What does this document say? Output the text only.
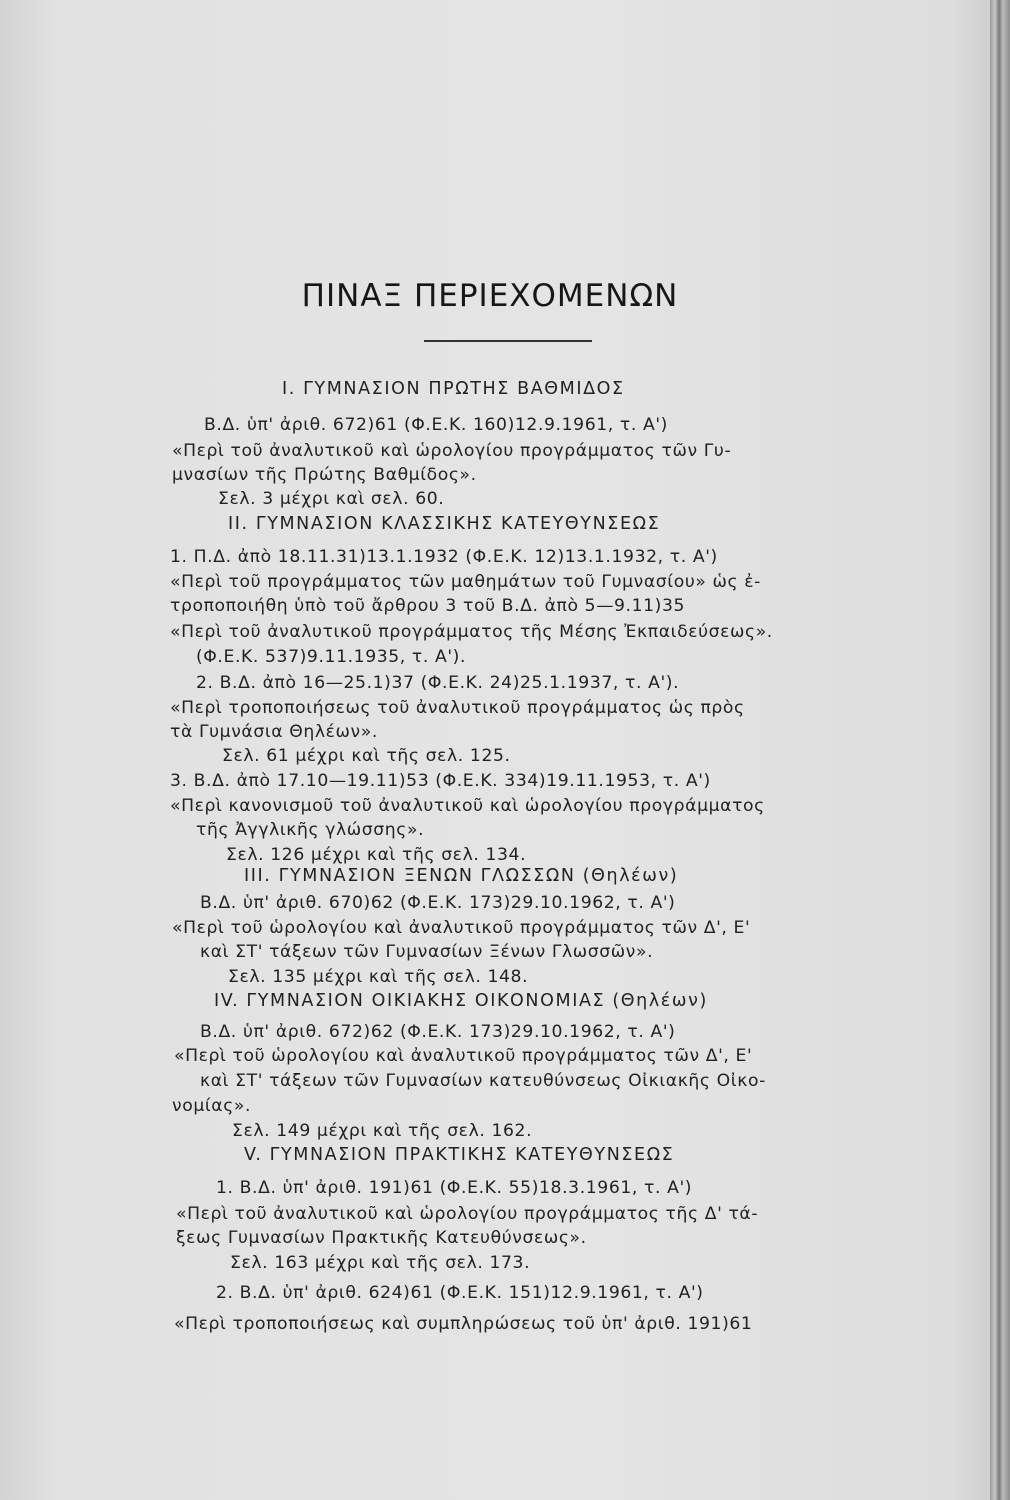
ΠΙΝΑΞ ΠΕΡΙΕΧΟΜΕΝΩΝ
I. ΓΥΜΝΑΣΙΟΝ ΠΡΩΤΗΣ ΒΑΘΜΙΔΟΣ
Β.Δ. ὑπ' ἀριθ. 672)61 (Φ.Ε.Κ. 160)12.9.1961, τ. Α')
«Περὶ τοῦ ἀναλυτικοῦ καὶ ὡρολογίου προγράμματος τῶν Γυ-
μνασίων τῆς Πρώτης Βαθμίδος».
Σελ. 3 μέχρι καὶ σελ. 60.
II. ΓΥΜΝΑΣΙΟΝ ΚΛΑΣΣΙΚΗΣ ΚΑΤΕΥΘΥΝΣΕΩΣ
1. Π.Δ. ἀπὸ 18.11.31)13.1.1932 (Φ.Ε.Κ. 12)13.1.1932, τ. Α')
«Περὶ τοῦ προγράμματος τῶν μαθημάτων τοῦ Γυμνασίου» ὡς ἐ-
τροποποιήθη ὑπὸ τοῦ ἄρθρου 3 τοῦ Β.Δ. ἀπὸ 5—9.11)35
«Περὶ τοῦ ἀναλυτικοῦ προγράμματος τῆς Μέσης Ἐκπαιδεύσεως».
(Φ.Ε.Κ. 537)9.11.1935, τ. Α').
2. Β.Δ. ἀπὸ 16—25.1)37 (Φ.Ε.Κ. 24)25.1.1937, τ. Α').
«Περὶ τροποποιήσεως τοῦ ἀναλυτικοῦ προγράμματος ὡς πρὸς
τὰ Γυμνάσια Θηλέων».
Σελ. 61 μέχρι καὶ τῆς σελ. 125.
3. Β.Δ. ἀπὸ 17.10—19.11)53 (Φ.Ε.Κ. 334)19.11.1953, τ. Α')
«Περὶ κανονισμοῦ τοῦ ἀναλυτικοῦ καὶ ὡρολογίου προγράμματος
τῆς Ἀγγλικῆς γλώσσης».
Σελ. 126 μέχρι καὶ τῆς σελ. 134.
III. ΓΥΜΝΑΣΙΟΝ ΞΕΝΩΝ ΓΛΩΣΣΩΝ (Θηλέων)
Β.Δ. ὑπ' ἀριθ. 670)62 (Φ.Ε.Κ. 173)29.10.1962, τ. Α')
«Περὶ τοῦ ὡρολογίου καὶ ἀναλυτικοῦ προγράμματος τῶν Δ', Ε'
καὶ ΣΤ' τάξεων τῶν Γυμνασίων Ξένων Γλωσσῶν».
Σελ. 135 μέχρι καὶ τῆς σελ. 148.
IV. ΓΥΜΝΑΣΙΟΝ ΟΙΚΙΑΚΗΣ ΟΙΚΟΝΟΜΙΑΣ (Θηλέων)
Β.Δ. ὑπ' ἀριθ. 672)62 (Φ.Ε.Κ. 173)29.10.1962, τ. Α')
«Περὶ τοῦ ὡρολογίου καὶ ἀναλυτικοῦ προγράμματος τῶν Δ', Ε'
καὶ ΣΤ' τάξεων τῶν Γυμνασίων κατευθύνσεως Οἰκιακῆς Οἰκο-
νομίας».
Σελ. 149 μέχρι καὶ τῆς σελ. 162.
V. ΓΥΜΝΑΣΙΟΝ ΠΡΑΚΤΙΚΗΣ ΚΑΤΕΥΘΥΝΣΕΩΣ
1. Β.Δ. ὑπ' ἀριθ. 191)61 (Φ.Ε.Κ. 55)18.3.1961, τ. Α')
«Περὶ τοῦ ἀναλυτικοῦ καὶ ὡρολογίου προγράμματος τῆς Δ' τά-
ξεως Γυμνασίων Πρακτικῆς Κατευθύνσεως».
Σελ. 163 μέχρι καὶ τῆς σελ. 173.
2. Β.Δ. ὑπ' ἀριθ. 624)61 (Φ.Ε.Κ. 151)12.9.1961, τ. Α')
«Περὶ τροποποιήσεως καὶ συμπληρώσεως τοῦ ὑπ' ἀριθ. 191)61
